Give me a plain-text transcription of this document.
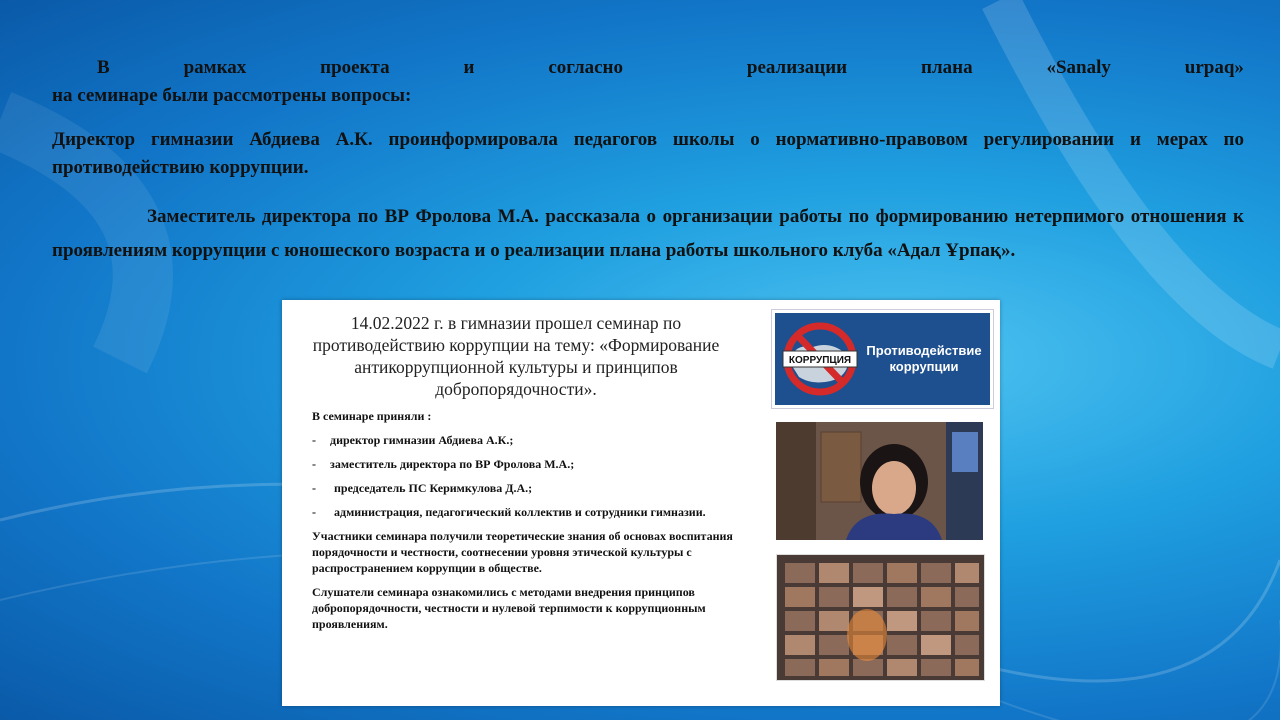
В	рамках	проекта	и	согласно	реализации	плана	«Sanaly	urpaq»
на семинаре были рассмотрены вопросы:
Директор гимназии Абдиева А.К. проинформировала педагогов школы о нормативно-правовом регулировании и мерах по противодействию коррупции.
Заместитель директора по ВР Фролова М.А. рассказала о организации работы по формированию нетерпимого отношения к проявлениям коррупции с юношеского возраста и о реализации плана работы школьного клуба «Адал Ұрпақ».
14.02.2022 г. в гимназии прошел семинар по противодействию коррупции на тему: «Формирование антикоррупционной культуры и принципов добропорядочности».
В семинаре приняли :
-	директор гимназии Абдиева А.К.;
-	заместитель директора по ВР Фролова М.А.;
-	председатель ПС Керимкулова Д.А.;
-	администрация, педагогический коллектив и сотрудники гимназии.
Участники семинара получили теоретические знания об основах воспитания порядочности и честности, соотнесении уровня этической культуры с распространением коррупции в обществе.
Слушатели семинара ознакомились с методами внедрения принципов добропорядочности, честности и нулевой терпимости к коррупционным проявлениям.
КОРРУПЦИЯ
Противодействие коррупции
